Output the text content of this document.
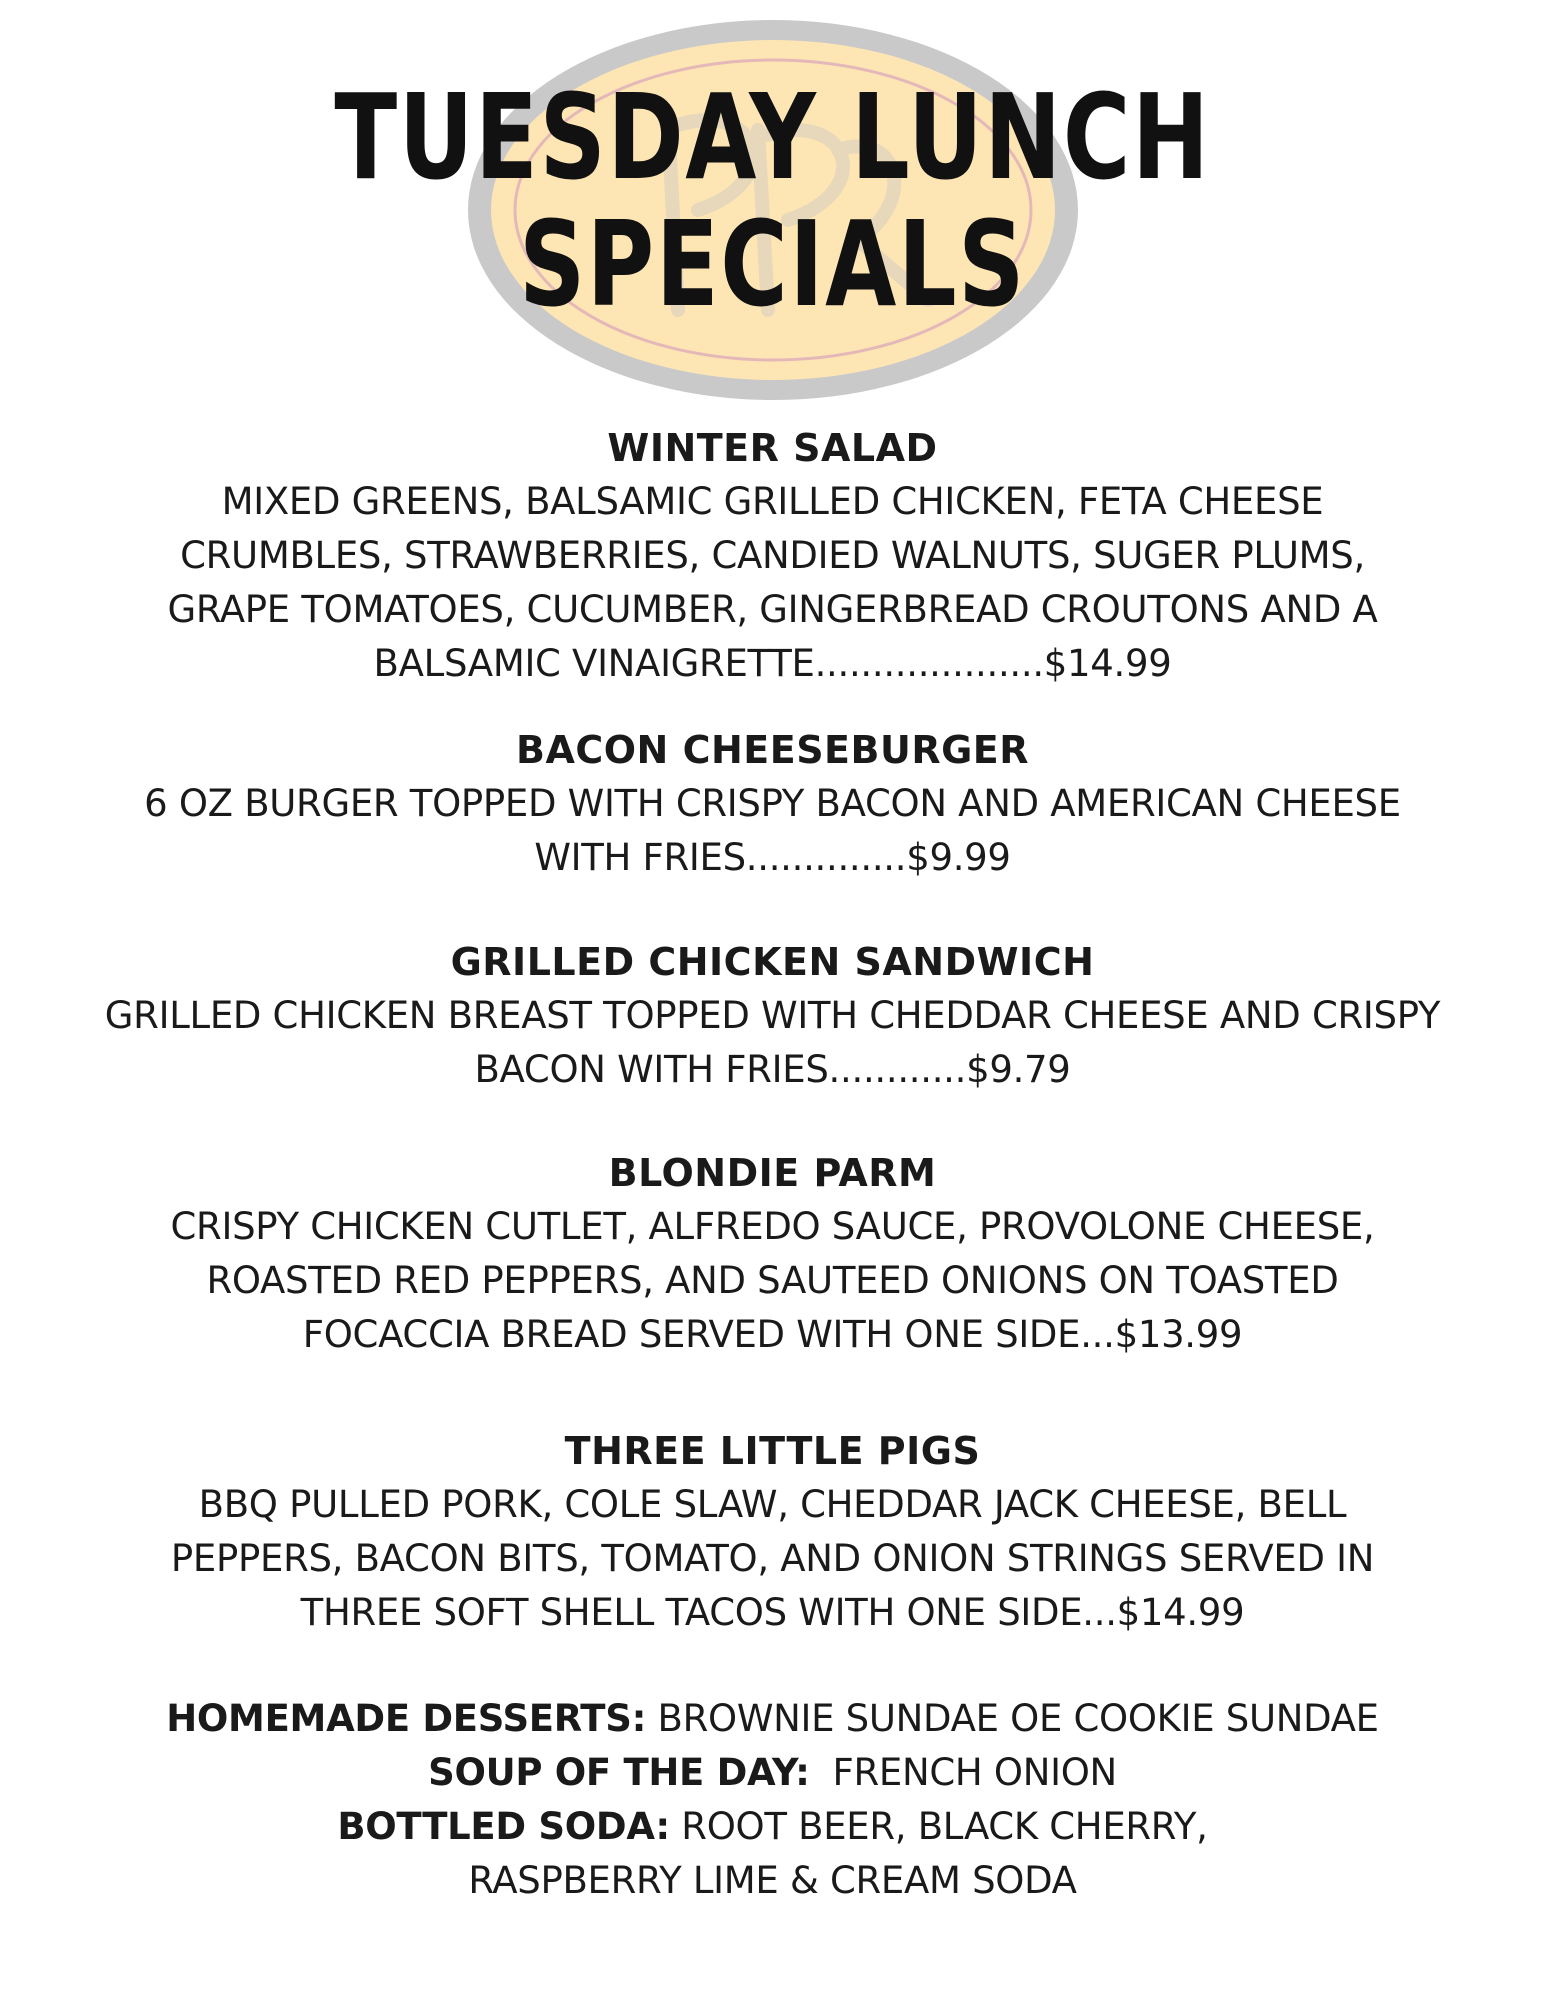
TUESDAY LUNCH
SPECIALS

WINTER SALAD

MIXED GREENS, BALSAMIC GRILLED CHICKEN, FETA CHEESE
CRUMBLES, STRAWBERRIES, CANDIED WALNUTS, SUGER PLUMS,
GRAPE TOMATOES, CUCUMBER, GINGERBREAD CROUTONS AND A
BALSAMIC VINAIGRETTE....................$14.99

BACON CHEESEBURGER

6 OZ BURGER TOPPED WITH CRISPY BACON AND AMERICAN CHEESE
WITH FRIES..............$9.99

GRILLED CHICKEN SANDWICH

GRILLED CHICKEN BREAST TOPPED WITH CHEDDAR CHEESE AND CRISPY
BACON WITH FRIES............$9.79

BLONDIE PARM

CRISPY CHICKEN CUTLET, ALFREDO SAUCE, PROVOLONE CHEESE,
ROASTED RED PEPPERS, AND SAUTEED ONIONS ON TOASTED
FOCACCIA BREAD SERVED WITH ONE SIDE...$13.99

THREE LITTLE PIGS

BBQ PULLED PORK, COLE SLAW, CHEDDAR JACK CHEESE, BELL
PEPPERS, BACON BITS, TOMATO, AND ONION STRINGS SERVED IN
THREE SOFT SHELL TACOS WITH ONE SIDE...$14.99

HOMEMADE DESSERTS: BROWNIE SUNDAE OE COOKIE SUNDAE

SOUP OF THE DAY:  FRENCH ONION

BOTTLED SODA: ROOT BEER, BLACK CHERRY,

RASPBERRY LIME & CREAM SODA
